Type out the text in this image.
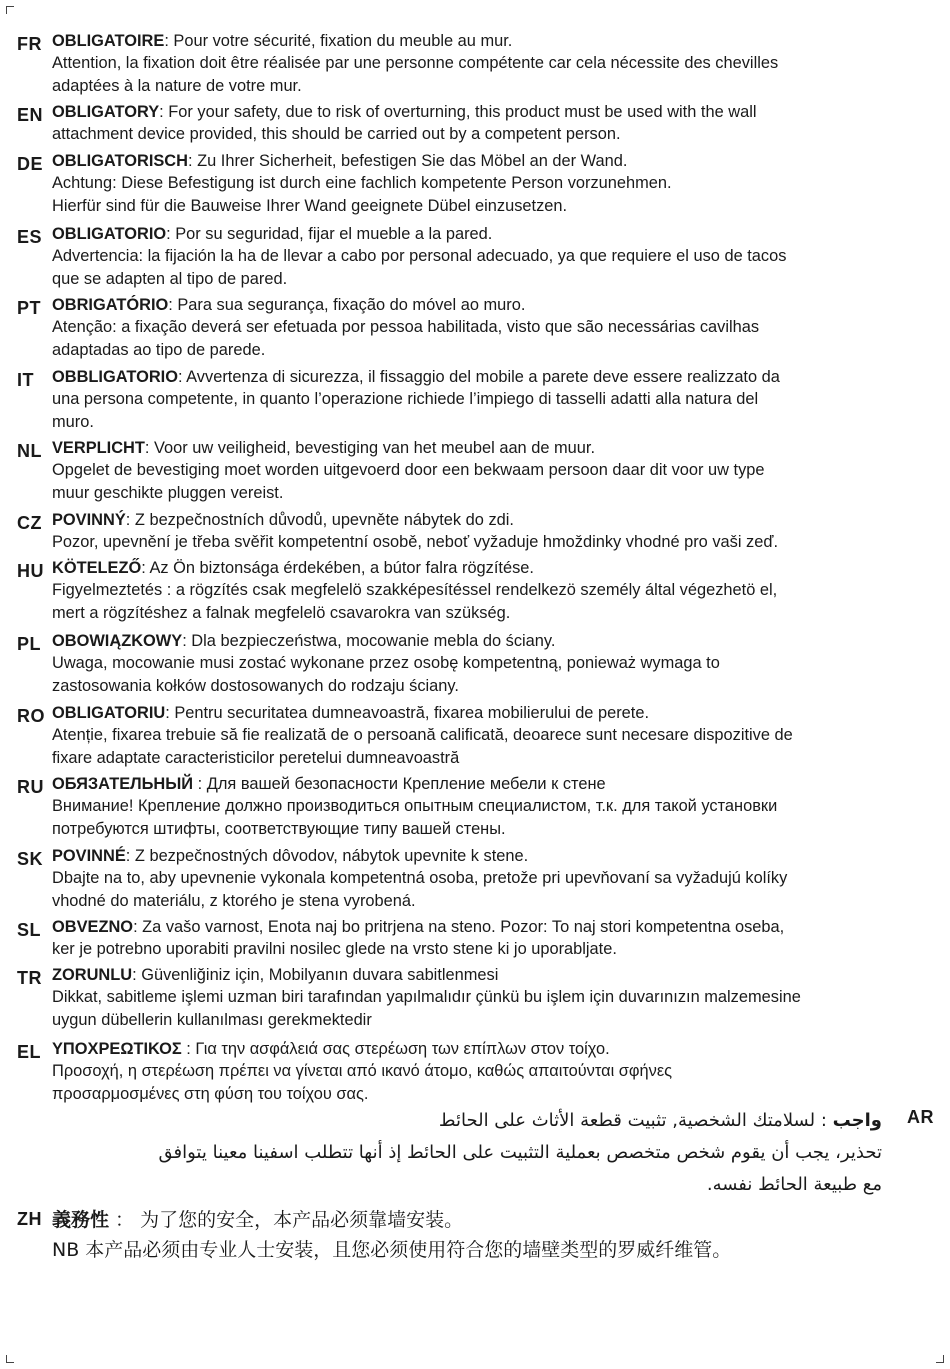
FR OBLIGATOIRE: Pour votre sécurité, fixation du meuble au mur.
Attention, la fixation doit être réalisée par une personne compétente car cela nécessite des chevilles
adaptées à la nature de votre mur.
EN OBLIGATORY: For your safety, due to risk of overturning, this product must be used with the wall
attachment device provided, this should be carried out by a competent person.
DE OBLIGATORISCH: Zu Ihrer Sicherheit, befestigen Sie das Möbel an der Wand.
Achtung: Diese Befestigung ist durch eine fachlich kompetente Person vorzunehmen.
Hierfür sind für die Bauweise Ihrer Wand geeignete Dübel einzusetzen.
ES OBLIGATORIO: Por su seguridad, fijar el mueble a la pared.
Advertencia: la fijación la ha de llevar a cabo por personal adecuado, ya que requiere el uso de tacos
que se adapten al tipo de pared.
PT OBRIGATÓRIO: Para sua segurança, fixação do móvel ao muro.
Atenção: a fixação deverá ser efetuada por pessoa habilitada, visto que são necessárias cavilhas
adaptadas ao tipo de parede.
IT OBBLIGATORIO: Avvertenza di sicurezza, il fissaggio del mobile a parete deve essere realizzato da
una persona competente, in quanto l’operazione richiede l’impiego di tasselli adatti alla natura del
muro.
NL VERPLICHT: Voor uw veiligheid, bevestiging van het meubel aan de muur.
Opgelet de bevestiging moet worden uitgevoerd door een bekwaam persoon daar dit voor uw type
muur geschikte pluggen vereist.
CZ POVINNÝ: Z bezpečnostních důvodů, upevněte nábytek do zdi.
Pozor, upevnění je třeba svěřit kompetentní osobě, neboť vyžaduje hmoždinky vhodné pro vaši zeď.
HU KÖTELEZŐ: Az Ön biztonsága érdekében, a bútor falra rögzítése.
Figyelmeztetés : a rögzítés csak megfelelö szakképesítéssel rendelkezö személy által végezhetö el,
mert a rögzítéshez a falnak megfelelö csavarokra van szükség.
PL OBOWIĄZKOWY: Dla bezpieczeństwa, mocowanie mebla do ściany.
Uwaga, mocowanie musi zostać wykonane przez osobę kompetentną, ponieważ wymaga to
zastosowania kołków dostosowanych do rodzaju ściany.
RO OBLIGATORIU: Pentru securitatea dumneavoastră, fixarea mobilierului de perete.
Atenție, fixarea trebuie să fie realizată de o persoană calificată, deoarece sunt necesare dispozitive de
fixare adaptate caracteristicilor peretelui dumneavoastră
RU ОБЯЗАТЕЛЬНЫЙ : Для вашей безопасности Крепление мебели к стене
Внимание! Крепление должно производиться опытным специалистом, т.к. для такой установки
потребуются штифты, соответствующие типу вашей стены.
SK POVINNÉ: Z bezpečnostných dôvodov, nábytok upevnite k stene.
Dbajte na to, aby upevnenie vykonala kompetentná osoba, pretože pri upevňovaní sa vyžadujú kolíky
vhodné do materiálu, z ktorého je stena vyrobená.
SL OBVEZNO: Za vašo varnost, Enota naj bo pritrjena na steno. Pozor: To naj stori kompetentna oseba,
ker je potrebno uporabiti pravilni nosilec glede na vrsto stene ki jo uporabljate.
TR ZORUNLU: Güvenliğiniz için, Mobilyanın duvara sabitlenmesi
Dikkat, sabitleme işlemi uzman biri tarafından yapılmalıdır çünkü bu işlem için duvarınızın malzemesine
uygun dübellerin kullanılması gerekmektedir
EL ΥΠΟΧΡΕΩΤΙΚΟΣ : Για την ασφάλειά σας στερέωση των επίπλων στον τοίχο.
Προσοχή, η στερέωση πρέπει να γίνεται από ικανό άτομο, καθώς απαιτούνται σφήνες
προσαρμοσμένες στη φύση του τοίχου σας.
AR
واجب : لسلامتك الشخصية, تثبيت قطعة الأثاث على الحائط
تحذير، يجب أن يقوم شخص متخصص بعملية التثبيت على الحائط إذ أنها تتطلب اسفينا معينا يتوافق
مع طبيعة الحائط نفسه.
ZH 義務性 ： 为了您的安全，本产品必须靠墙安装。
NB 本产品必须由专业人士安装，且您必须使用符合您的墙壁类型的罗威纤维管。
